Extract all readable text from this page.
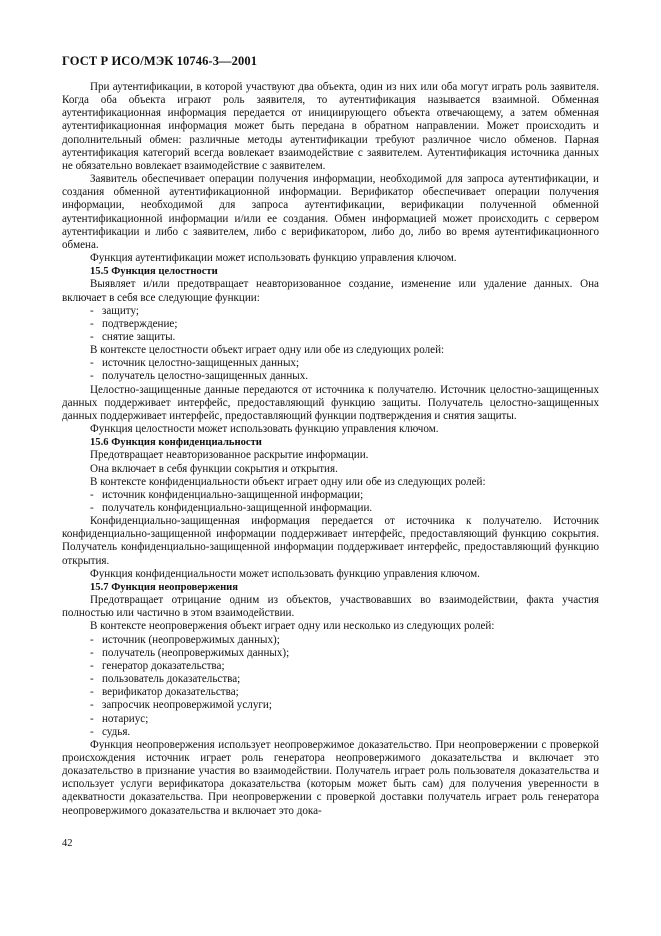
ГОСТ Р ИСО/МЭК 10746-3—2001

При аутентификации, в которой участвуют два объекта, один из них или оба могут играть роль заявителя. Когда оба объекта играют роль заявителя, то аутентификация называется взаимной. Обменная аутентификационная информация передается от инициирующего объекта отвечающему, а затем обменная аутентификационная информация может быть передана в обратном направлении. Может происходить и дополнительный обмен: различные методы аутентификации требуют различное число обменов. Парная аутентификация категорий всегда вовлекает взаимодействие с заявителем. Аутентификация источника данных не обязательно вовлекает взаимодействие с заявителем.

Заявитель обеспечивает операции получения информации, необходимой для запроса аутентификации, и создания обменной аутентификационной информации. Верификатор обеспечивает операции получения информации, необходимой для запроса аутентификации, верификации полученной обменной аутентификационной информации и/или ее создания. Обмен информацией может происходить с сервером аутентификации и либо с заявителем, либо с верификатором, либо до, либо во время аутентификационного обмена.

Функция аутентификации может использовать функцию управления ключом.

15.5 Функция целостности

Выявляет и/или предотвращает неавторизованное создание, изменение или удаление данных. Она включает в себя все следующие функции:

- защиту;

- подтверждение;

- снятие защиты.

В контексте целостности объект играет одну или обе из следующих ролей:

- источник целостно-защищенных данных;

- получатель целостно-защищенных данных.

Целостно-защищенные данные передаются от источника к получателю. Источник целостно-защищенных данных поддерживает интерфейс, предоставляющий функцию защиты. Получатель целостно-защищенных данных поддерживает интерфейс, предоставляющий функции подтверждения и снятия защиты.

Функция целостности может использовать функцию управления ключом.

15.6 Функция конфиденциальности

Предотвращает неавторизованное раскрытие информации.

Она включает в себя функции сокрытия и открытия.

В контексте конфиденциальности объект играет одну или обе из следующих ролей:

- источник конфиденциально-защищенной информации;

- получатель конфиденциально-защищенной информации.

Конфиденциально-защищенная информация передается от источника к получателю. Источник конфиденциально-защищенной информации поддерживает интерфейс, предоставляющий функцию сокрытия. Получатель конфиденциально-защищенной информации поддерживает интерфейс, предоставляющий функцию открытия.

Функция конфиденциальности может использовать функцию управления ключом.

15.7 Функция неопровержения

Предотвращает отрицание одним из объектов, участвовавших во взаимодействии, факта участия полностью или частично в этом взаимодействии.

В контексте неопровержения объект играет одну или несколько из следующих ролей:

- источник (неопровержимых данных);

- получатель (неопровержимых данных);

- генератор доказательства;

- пользователь доказательства;

- верификатор доказательства;

- запросчик неопровержимой услуги;

- нотариус;

- судья.

Функция неопровержения использует неопровержимое доказательство. При неопровержении с проверкой происхождения источник играет роль генератора неопровержимого доказательства и включает это доказательство в признание участия во взаимодействии. Получатель играет роль пользователя доказательства и использует услуги верификатора доказательства (которым может быть сам) для получения уверенности в адекватности доказательства. При неопровержении с проверкой доставки получатель играет роль генератора неопровержимого доказательства и включает это дока-

42
